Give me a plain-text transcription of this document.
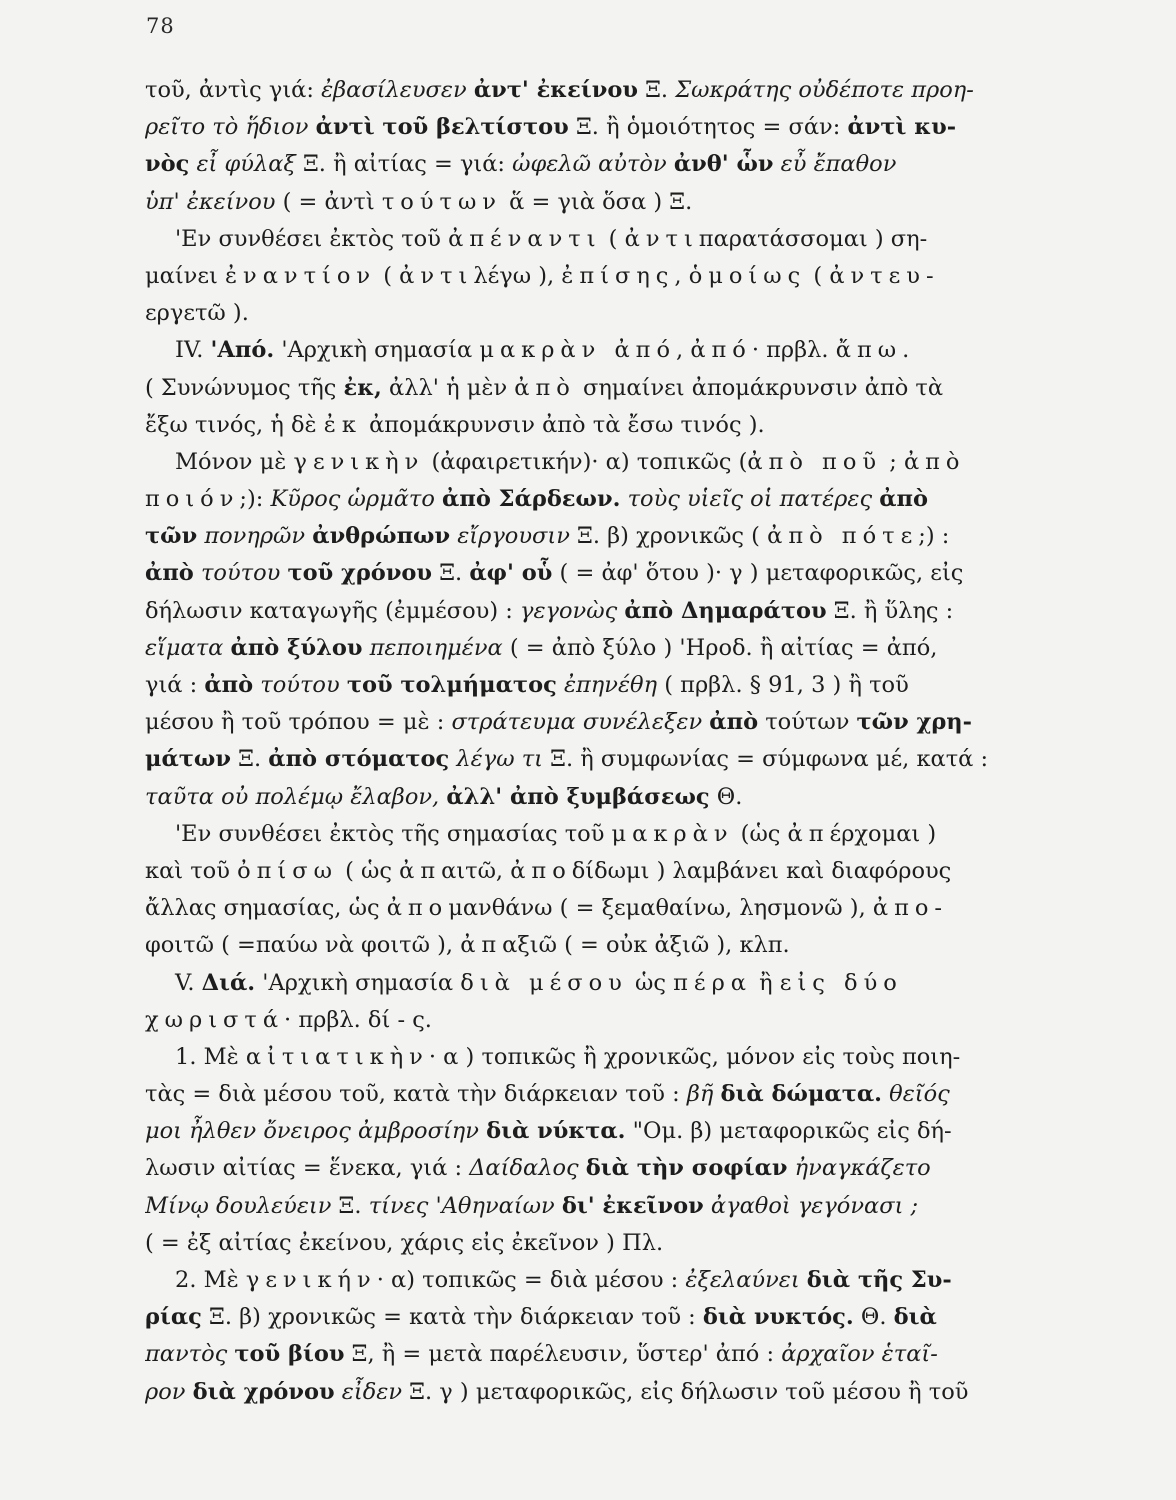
78
τοῦ, ἀντὶς γιά: ἐβασίλευσεν ἀντ' ἐκείνου Ξ. Σωκράτης οὐδέποτε προη-
ρεῖτο τὸ ἥδιον ἀντὶ τοῦ βελτίστου Ξ. ἢ ὁμοιότητος = σάν: ἀντὶ κυ-
νὸς εἶ φύλαξ Ξ. ἢ αἰτίας = γιά: ὠφελῶ αὐτὸν ἀνθ' ὧν εὖ ἔπαθον
ὑπ' ἐκείνου ( = ἀντὶ τούτων ἅ = γιὰ ὅσα ) Ξ.
'Εν συνθέσει ἐκτὸς τοῦ ἀπέναντι ( ἀντιπαρατάσσομαι ) ση-
μαίνει ἐναντίον ( ἀντιλέγω ), ἐπίσης, ὁμοίως ( ἀντευ-
εργετῶ ).
IV. 'Από. 'Αρχικὴ σημασία μακρὰν ἀπό, ἀπό· πρβλ. ἄπω.
( Συνώνυμος τῆς ἐκ, ἀλλ' ἡ μὲν ἀπὸ σημαίνει ἀπομάκρυνσιν ἀπὸ τὰ
ἔξω τινός, ἡ δὲ ἐκ ἀπομάκρυνσιν ἀπὸ τὰ ἔσω τινός ).
Μόνον μὲ γενικὴν (ἀφαιρετικήν)· α) τοπικῶς (ἀπὸ ποῦ ; ἀπὸ
ποιόν;): Κῦρος ὡρμᾶτο ἀπὸ Σάρδεων. τοὺς υἱεῖς οἱ πατέρες ἀπὸ
τῶν πονηρῶν ἀνθρώπων εἴργουσιν Ξ. β) χρονικῶς ( ἀπὸ πότε;) :
ἀπὸ τούτου τοῦ χρόνου Ξ. ἀφ' οὗ ( = ἀφ' ὅτου )· γ ) μεταφορικῶς, εἰς
δήλωσιν καταγωγῆς (ἐμμέσου) : γεγονὼς ἀπὸ Δημαράτου Ξ. ἢ ὕλης :
εἵματα ἀπὸ ξύλου πεποιημένα ( = ἀπὸ ξύλο ) 'Ηροδ. ἢ αἰτίας = ἀπό,
γιά : ἀπὸ τούτου τοῦ τολμήματος ἐπηνέθη ( πρβλ. § 91, 3 ) ἢ τοῦ
μέσου ἢ τοῦ τρόπου = μὲ : στράτευμα συνέλεξεν ἀπὸ τούτων τῶν χρη-
μάτων Ξ. ἀπὸ στόματος λέγω τι Ξ. ἢ συμφωνίας = σύμφωνα μέ, κατά :
ταῦτα οὐ πολέμῳ ἔλαβον, ἀλλ' ἀπὸ ξυμβάσεως Θ.
'Εν συνθέσει ἐκτὸς τῆς σημασίας τοῦ μακρὰν (ὡς ἀπέρχομαι )
καὶ τοῦ ὀπίσω ( ὡς ἀπαιτῶ, ἀποδίδωμι ) λαμβάνει καὶ διαφόρους
ἄλλας σημασίας, ὡς ἀπομανθάνω ( = ξεμαθαίνω, λησμονῶ ), ἀπο-
φοιτῶ ( =παύω νὰ φοιτῶ ), ἀπαξιῶ ( = οὐκ ἀξιῶ ), κλπ.
V. Διά. 'Αρχικὴ σημασία διὰ μέσου ὡς πέρα ἢ εἰς δύο
χωριστά· πρβλ. δί - ς.
1. Μὲ αἰτιατικὴν· α ) τοπικῶς ἢ χρονικῶς, μόνον εἰς τοὺς ποιη-
τὰς = διὰ μέσου τοῦ, κατὰ τὴν διάρκειαν τοῦ : βῆ διὰ δώματα. θεῖός
μοι ἦλθεν ὄνειρος ἀμβροσίην διὰ νύκτα. "Ομ. β) μεταφορικῶς εἰς δή-
λωσιν αἰτίας = ἕνεκα, γιά : Δαίδαλος διὰ τὴν σοφίαν ἠναγκάζετο
Μίνῳ δουλεύειν Ξ. τίνες 'Αθηναίων δι' ἐκεῖνον ἀγαθοὶ γεγόνασι ;
( = ἐξ αἰτίας ἐκείνου, χάρις εἰς ἐκεῖνον ) Πλ.
2. Μὲ γενικήν· α) τοπικῶς = διὰ μέσου : ἐξελαύνει διὰ τῆς Συ-
ρίας Ξ. β) χρονικῶς = κατὰ τὴν διάρκειαν τοῦ : διὰ νυκτός. Θ. διὰ
παντὸς τοῦ βίου Ξ, ἢ = μετὰ παρέλευσιν, ὕστερ' ἀπό : ἀρχαῖον ἑταῖ-
ρον διὰ χρόνου εἶδεν Ξ. γ ) μεταφορικῶς, εἰς δήλωσιν τοῦ μέσου ἢ τοῦ
